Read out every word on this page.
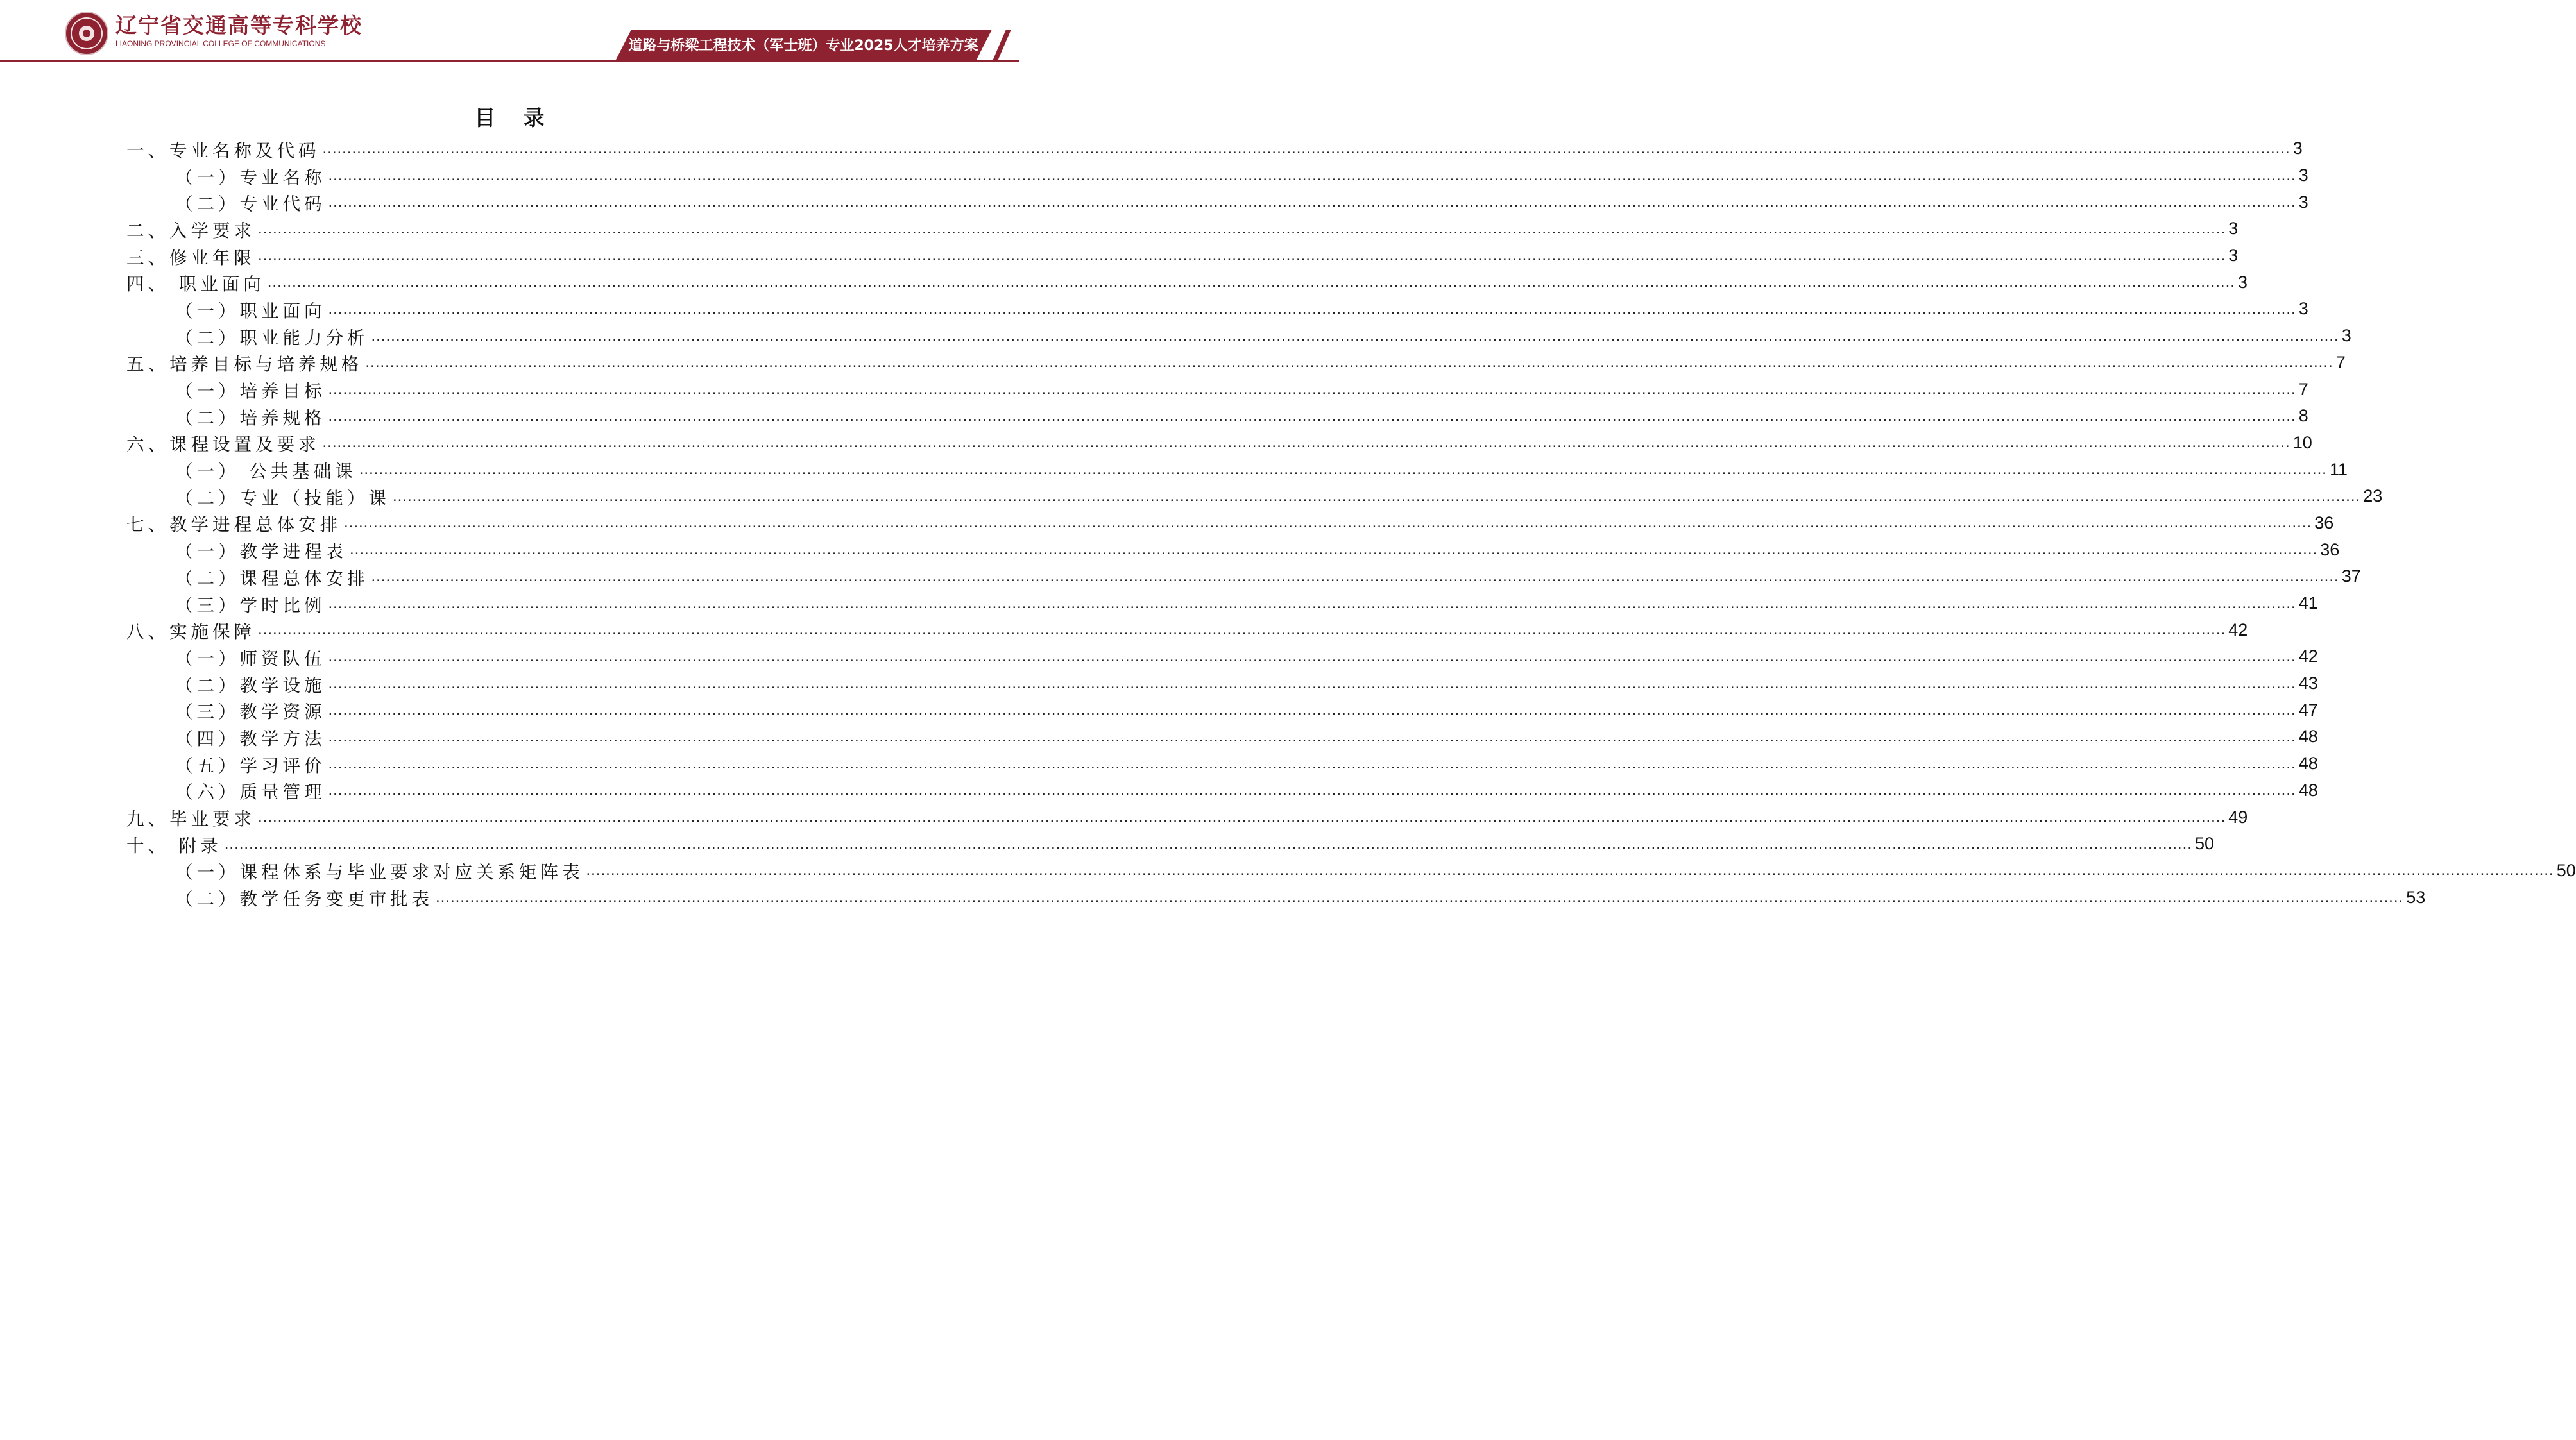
辽宁省交通高等专科学校
LIAONING PROVINCIAL COLLEGE OF COMMUNICATIONS	道路与桥梁工程技术（军士班）专业2025人才培养方案
目 录
一、专业名称及代码 ................................................................................................................................................................................................................................................................................................................................................................................................................ 3
（一）专业名称 ................................................................................................................................................................................................................................................................................................................................................................................................................ 3
（二）专业代码 ................................................................................................................................................................................................................................................................................................................................................................................................................ 3
二、入学要求 ................................................................................................................................................................................................................................................................................................................................................................................................................ 3
三、修业年限 ................................................................................................................................................................................................................................................................................................................................................................................................................ 3
四、 职业面向 ................................................................................................................................................................................................................................................................................................................................................................................................................ 3
（一）职业面向 ................................................................................................................................................................................................................................................................................................................................................................................................................ 3
（二）职业能力分析 ................................................................................................................................................................................................................................................................................................................................................................................................................ 3
五、培养目标与培养规格 ................................................................................................................................................................................................................................................................................................................................................................................................................ 7
（一）培养目标 ................................................................................................................................................................................................................................................................................................................................................................................................................ 7
（二）培养规格 ................................................................................................................................................................................................................................................................................................................................................................................................................ 8
六、课程设置及要求 ................................................................................................................................................................................................................................................................................................................................................................................................................ 10
（一） 公共基础课 ................................................................................................................................................................................................................................................................................................................................................................................................................ 11
（二）专业（技能）课 ................................................................................................................................................................................................................................................................................................................................................................................................................ 23
七、教学进程总体安排 ................................................................................................................................................................................................................................................................................................................................................................................................................ 36
（一）教学进程表 ................................................................................................................................................................................................................................................................................................................................................................................................................ 36
（二）课程总体安排 ................................................................................................................................................................................................................................................................................................................................................................................................................ 37
（三）学时比例 ................................................................................................................................................................................................................................................................................................................................................................................................................ 41
八、实施保障 ................................................................................................................................................................................................................................................................................................................................................................................................................ 42
（一）师资队伍 ................................................................................................................................................................................................................................................................................................................................................................................................................ 42
（二）教学设施 ................................................................................................................................................................................................................................................................................................................................................................................................................ 43
（三）教学资源 ................................................................................................................................................................................................................................................................................................................................................................................................................ 47
（四）教学方法 ................................................................................................................................................................................................................................................................................................................................................................................................................ 48
（五）学习评价 ................................................................................................................................................................................................................................................................................................................................................................................................................ 48
（六）质量管理 ................................................................................................................................................................................................................................................................................................................................................................................................................ 48
九、毕业要求 ................................................................................................................................................................................................................................................................................................................................................................................................................ 49
十、 附录 ................................................................................................................................................................................................................................................................................................................................................................................................................ 50
（一）课程体系与毕业要求对应关系矩阵表 ................................................................................................................................................................................................................................................................................................................................................................................................................ 50
（二）教学任务变更审批表 ................................................................................................................................................................................................................................................................................................................................................................................................................ 53
